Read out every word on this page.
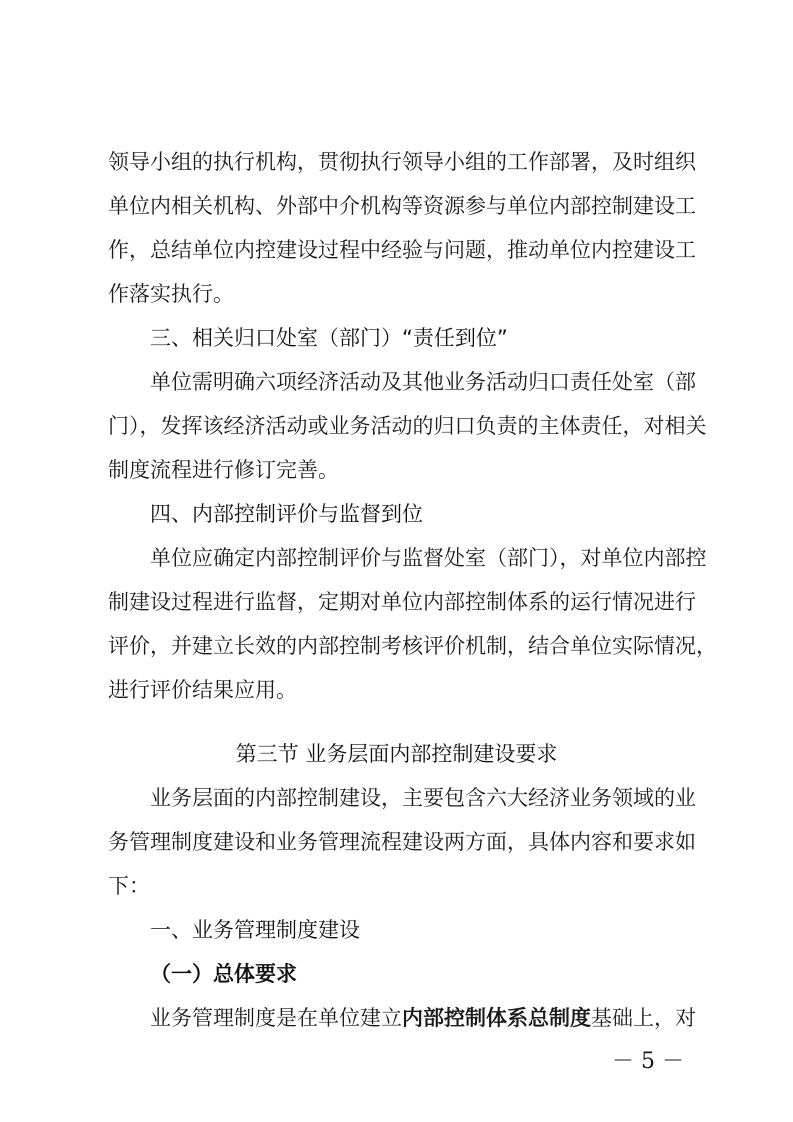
领导小组的执行机构，贯彻执行领导小组的工作部署，及时组织
单位内相关机构、外部中介机构等资源参与单位内部控制建设工
作，总结单位内控建设过程中经验与问题，推动单位内控建设工
作落实执行。
三、相关归口处室（部门）“责任到位”
单位需明确六项经济活动及其他业务活动归口责任处室（部
门），发挥该经济活动或业务活动的归口负责的主体责任，对相关
制度流程进行修订完善。
四、内部控制评价与监督到位
单位应确定内部控制评价与监督处室（部门），对单位内部控
制建设过程进行监督，定期对单位内部控制体系的运行情况进行
评价，并建立长效的内部控制考核评价机制，结合单位实际情况，
进行评价结果应用。
第三节 业务层面内部控制建设要求
业务层面的内部控制建设，主要包含六大经济业务领域的业
务管理制度建设和业务管理流程建设两方面，具体内容和要求如
下：
一、业务管理制度建设
（一）总体要求
业务管理制度是在单位建立内部控制体系总制度基础上，对
－ 5 －
